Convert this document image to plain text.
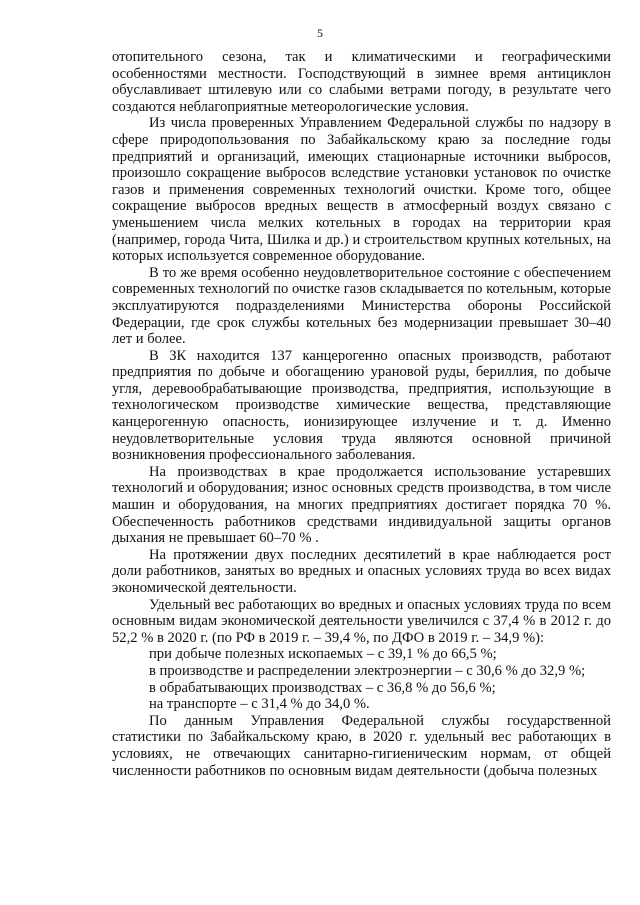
5

отопительного сезона, так и климатическими и географическими особенностями местности. Господствующий в зимнее время антициклон обуславливает штилевую или со слабыми ветрами погоду, в результате чего создаются неблагоприятные метеорологические условия.

Из числа проверенных Управлением Федеральной службы по надзору в сфере природопользования по Забайкальскому краю за последние годы предприятий и организаций, имеющих стационарные источники выбросов, произошло сокращение выбросов вследствие установки установок по очистке газов и применения современных технологий очистки. Кроме того, общее сокращение выбросов вредных веществ в атмосферный воздух связано с уменьшением числа мелких котельных в городах на территории края (например, города Чита, Шилка и др.) и строительством крупных котельных, на которых используется современное оборудование.

В то же время особенно неудовлетворительное состояние с обеспечением современных технологий по очистке газов складывается по котельным, которые эксплуатируются подразделениями Министерства обороны Российской Федерации, где срок службы котельных без модернизации превышает 30–40 лет и более.

В ЗК находится 137 канцерогенно опасных производств, работают предприятия по добыче и обогащению урановой руды, бериллия, по добыче угля, деревообрабатывающие производства, предприятия, использующие в технологическом производстве химические вещества, представляющие канцерогенную опасность, ионизирующее излучение и т. д. Именно неудовлетворительные условия труда являются основной причиной возникновения профессионального заболевания.

На производствах в крае продолжается использование устаревших технологий и оборудования; износ основных средств производства, в том числе машин и оборудования, на многих предприятиях достигает порядка 70 %. Обеспеченность работников средствами индивидуальной защиты органов дыхания не превышает 60–70 % .

На протяжении двух последних десятилетий в крае наблюдается рост доли работников, занятых во вредных и опасных условиях труда во всех видах экономической деятельности.

Удельный вес работающих во вредных и опасных условиях труда по всем основным видам экономической деятельности увеличился с 37,4 % в 2012 г. до 52,2 % в 2020 г. (по РФ в 2019 г. – 39,4 %, по ДФО в 2019 г. – 34,9 %):

при добыче полезных ископаемых – с 39,1 % до 66,5 %;

в производстве и распределении электроэнергии – с 30,6 % до 32,9 %;

в обрабатывающих производствах – с 36,8 % до 56,6 %;

на транспорте – с 31,4 % до 34,0 %.

По данным Управления Федеральной службы государственной статистики по Забайкальскому краю, в 2020 г. удельный вес работающих в условиях, не отвечающих санитарно-гигиеническим нормам, от общей численности работников по основным видам деятельности (добыча полезных
